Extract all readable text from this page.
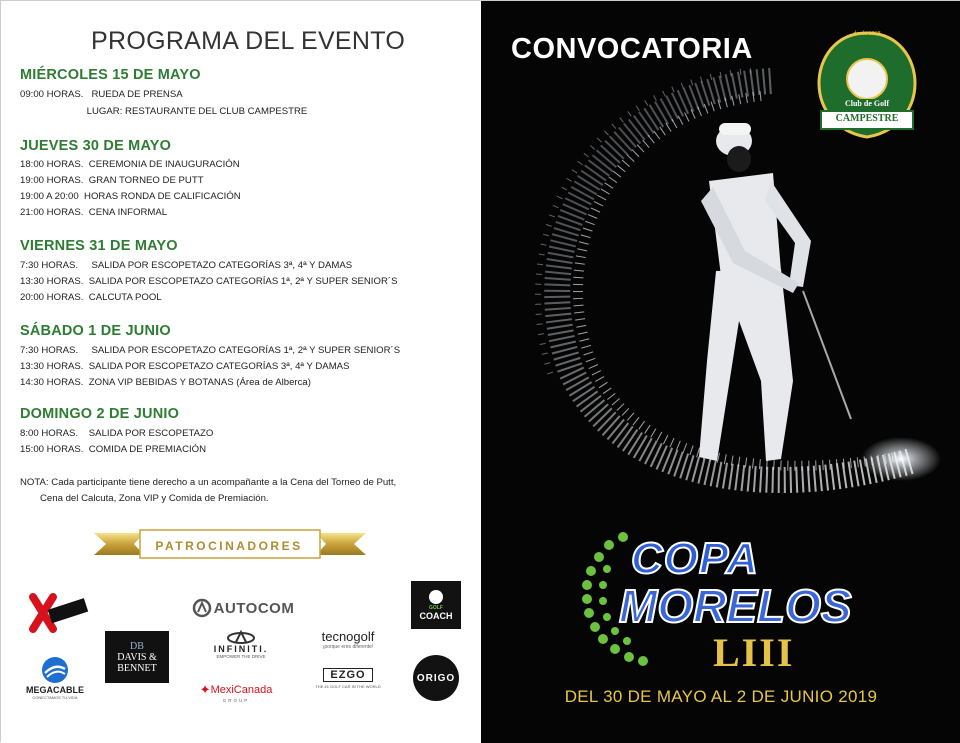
PROGRAMA DEL EVENTO
MIÉRCOLES 15 DE MAYO
09:00 HORAS.   RUEDA DE PRENSA
LUGAR: RESTAURANTE DEL CLUB CAMPESTRE
JUEVES 30 DE MAYO
18:00 HORAS.  CEREMONIA DE INAUGURACIÓN
19:00 HORAS.  GRAN TORNEO DE PUTT
19:00 A 20:00  HORAS RONDA DE CALIFICACIÓN
21:00 HORAS.  CENA INFORMAL
VIERNES 31 DE MAYO
7:30 HORAS.     SALIDA POR ESCOPETAZO CATEGORÍAS 3ª, 4ª Y DAMAS
13:30 HORAS.  SALIDA POR ESCOPETAZO CATEGORÍAS 1ª, 2ª Y SUPER SENIOR´S
20:00 HORAS.  CALCUTA POOL
SÁBADO 1 DE JUNIO
7:30 HORAS.     SALIDA POR ESCOPETAZO CATEGORÍAS 1ª, 2ª Y SUPER SENIOR´S
13:30 HORAS.  SALIDA POR ESCOPETAZO CATEGORÍAS 3ª, 4ª Y DAMAS
14:30 HORAS.  ZONA VIP BEBIDAS Y BOTANAS (Área de Alberca)
DOMINGO 2 DE JUNIO
8:00 HORAS.    SALIDA POR ESCOPETAZO
15:00 HORAS.  COMIDA DE PREMIACIÓN
NOTA: Cada participante tiene derecho a un acompañante a la Cena del Torneo de Putt,
Cena del Calcuta, Zona VIP y Comida de Premiación.
PATROCINADORES
AUTOCOM	GOLF
COACH
DB
DAVIS &
BENNET
INFINITI.
EMPOWER THE DRIVE
tecnogolf
¡porque eres diferente!
ORIGO
MEGACABLE
CONECTAMOS TU VIDA
✦ MexiCanada
GROUP
EZGO
THE #1 GOLF CAR IN THE WORLD
CONVOCATORIA	desde 1968
Club de Golf
CAMPESTRE
COPA
MORELOS
LIII
DEL 30 DE MAYO AL 2 DE JUNIO 2019
